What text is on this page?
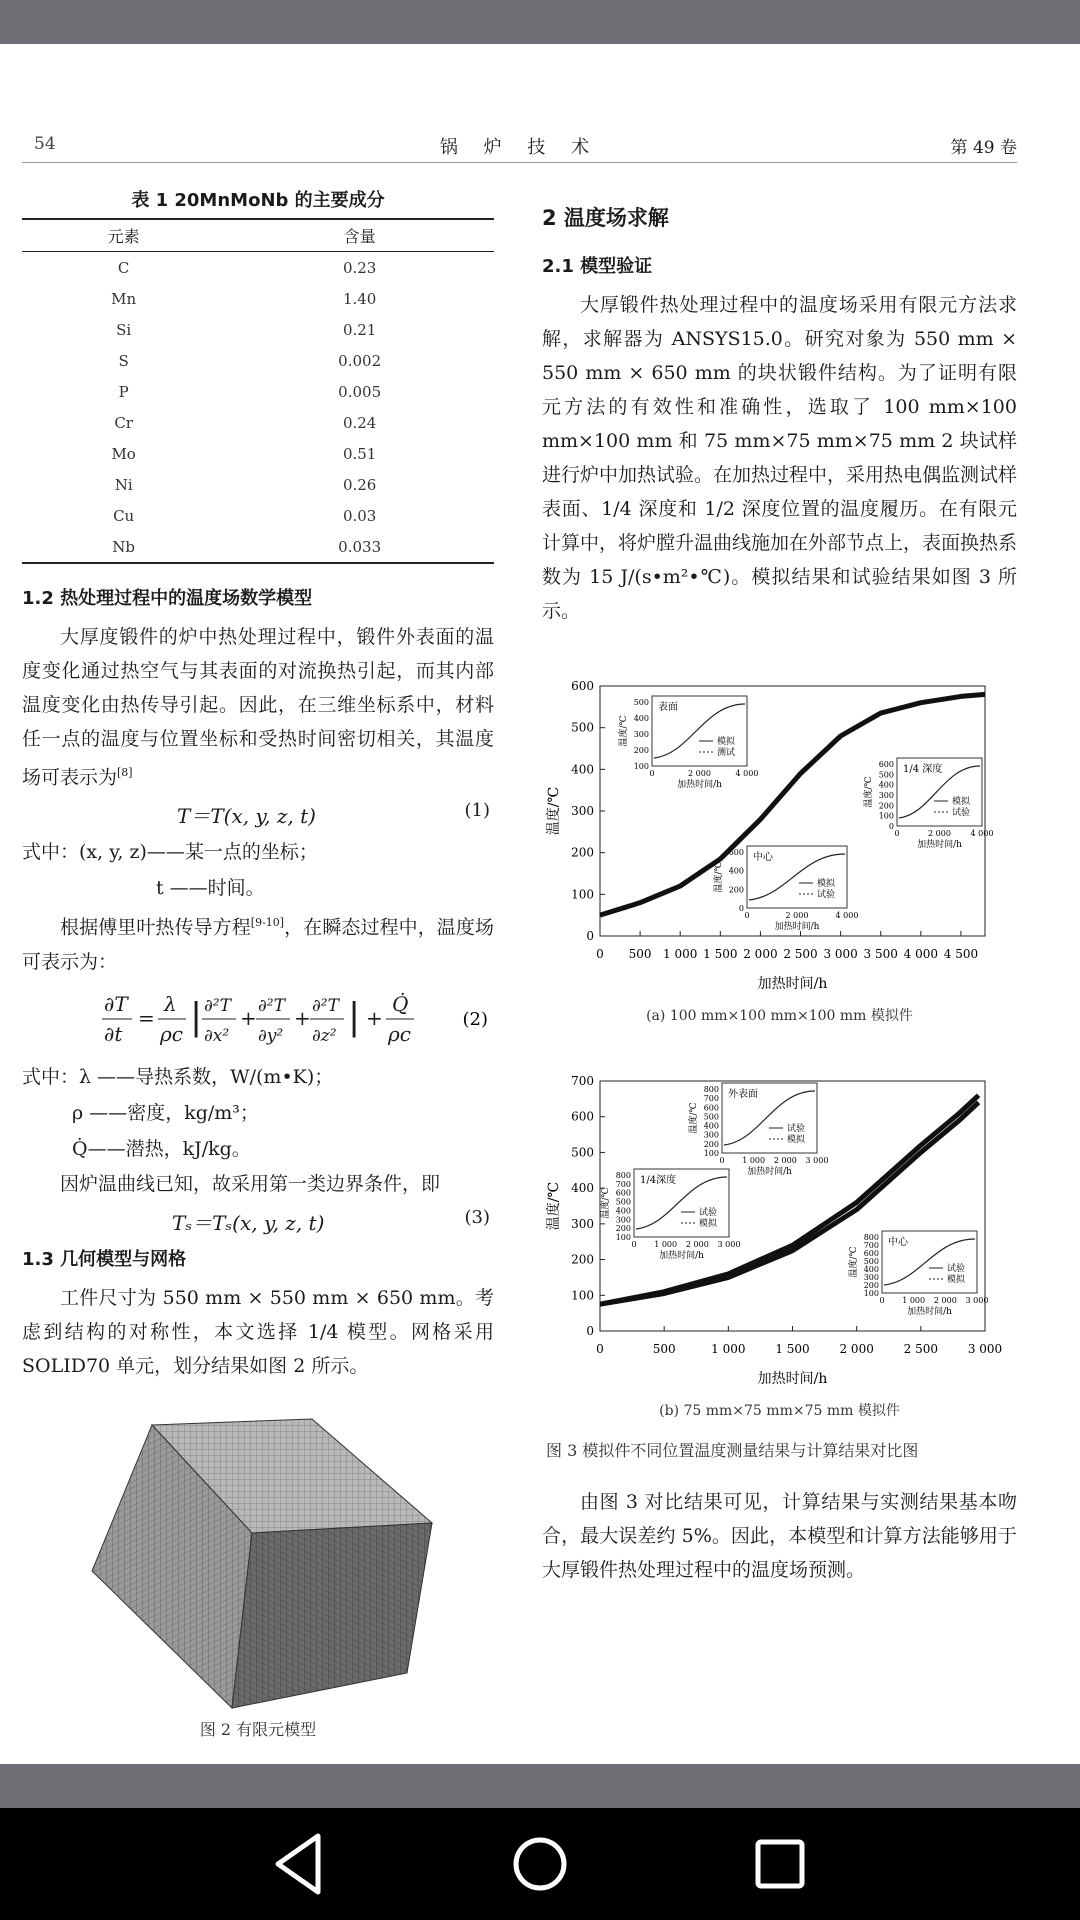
54	锅 炉 技 术	第 49 卷
表 1 20MnMoNb 的主要成分
元素	含量
C	0.23
Mn	1.40
Si	0.21
S	0.002
P	0.005
Cr	0.24
Mo	0.51
Ni	0.26
Cu	0.03
Nb	0.033
1.2 热处理过程中的温度场数学模型

大厚度锻件的炉中热处理过程中，锻件外表面的温度变化通过热空气与其表面的对流换热引起，而其内部温度变化由热传导引起。因此，在三维坐标系中，材料任一点的温度与位置坐标和受热时间密切相关，其温度场可表示为[8]

T＝T(x, y, z, t)	(1)
式中：(x, y, z)——某一点的坐标；
t ——时间。

根据傅里叶热传导方程[9-10]，在瞬态过程中，温度场可表示为：

∂T
∂t
=
λ
ρc | ∂²T
∂x²
+ ∂²T
∂y²
+ ∂²T
∂z² | +
Q̇
ρc
(2)
式中：λ ——导热系数，W/(m•K)；
ρ ——密度，kg/m³；
Q̇——潜热，kJ/kg。

因炉温曲线已知，故采用第一类边界条件，即

Tₛ＝Tₛ(x, y, z, t)	(3)
1.3 几何模型与网格

工件尺寸为 550 mm × 550 mm × 650 mm。考虑到结构的对称性，本文选择 1/4 模型。网格采用 SOLID70 单元，划分结果如图 2 所示。

图 2 有限元模型
2 温度场求解
2.1 模型验证

大厚锻件热处理过程中的温度场采用有限元方法求解，求解器为 ANSYS15.0。研究对象为 550 mm × 550 mm × 650 mm 的块状锻件结构。为了证明有限元方法的有效性和准确性，选取了 100 mm×100 mm×100 mm 和 75 mm×75 mm×75 mm 2 块试样进行炉中加热试验。在加热过程中，采用热电偶监测试样表面、1/4 深度和 1/2 深度位置的温度履历。在有限元计算中，将炉膛升温曲线施加在外部节点上，表面换热系数为 15 J/(s•m²•℃)。模拟结果和试验结果如图 3 所示。

0
100
200
300
400
500
600
0 500 1 000 1 500 2 000 2 500 3 000 3 500 4 000 4 500
加热时间/h
温度/℃
表面
100
200
300
400
500
0	2 000	4 000
加热时间/h
温度/℃	模拟
测试
1/4 深度
0
100
200
300
400
500
600
0	2 000 4 000
加热时间/h
温度/℃	模拟
试验
中心
0
200
400
600
0	2 000	4 000
加热时间/h
温度/℃	模拟
试验
(a) 100 mm×100 mm×100 mm 模拟件
0
100
200
300
400
500
600
700
0	500	1 000 1 500 2 000 2 500 3 000
加热时间/h
温度/℃
外表面
100
200
300
400
500
600
700
800
0 1 000 2 000 3 000
加热时间/h
温度/℃	试验
模拟
1/4深度
100
200
300
400
500
600
700
800
0 1 000 2 000 3 000
加热时间/h
温度/℃	试验
模拟
中心
100
200
300
400
500
600
700
800
0 1 000 2 000 3 000
加热时间/h
温度/℃	试验
模拟
(b) 75 mm×75 mm×75 mm 模拟件
图 3 模拟件不同位置温度测量结果与计算结果对比图

由图 3 对比结果可见，计算结果与实测结果基本吻合，最大误差约 5%。因此，本模型和计算方法能够用于大厚锻件热处理过程中的温度场预测。
